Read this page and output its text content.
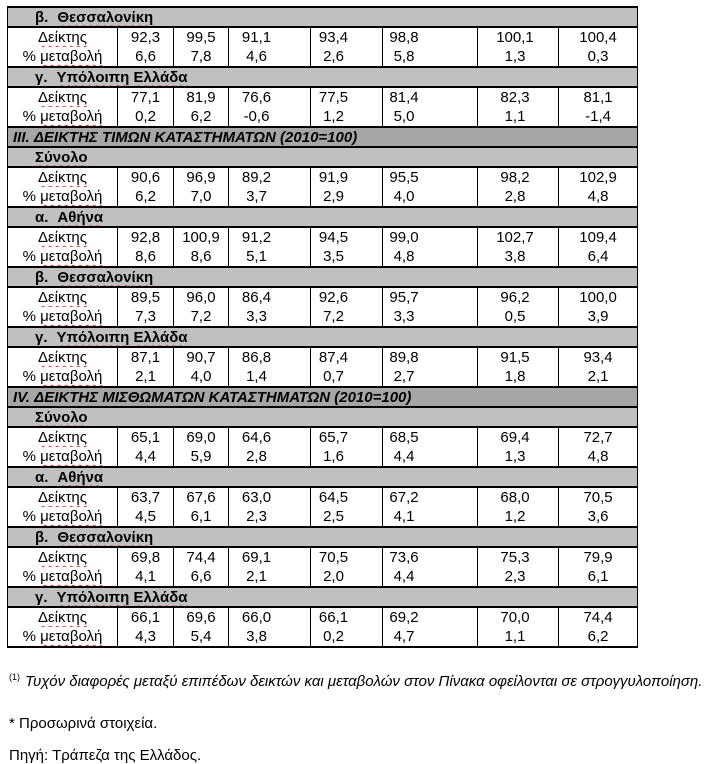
β. Θεσσαλονίκη							
Δείκτης	92,3	99,5	91,1	93,4	98,8	100,1	100,4
% μεταβολή	6,6	7,8	4,6	2,6	5,8	1,3	0,3
γ. Υπόλοιπη Ελλάδα							
Δείκτης	77,1	81,9	76,6	77,5	81,4	82,3	81,1
% μεταβολή	0,2	6,2	-0,6	1,2	5,0	1,1	-1,4
III. ΔΕΙΚΤΗΣ ΤΙΜΩΝ ΚΑΤΑΣΤΗΜΑΤΩΝ (2010=100)							
Σύνολο							
Δείκτης	90,6	96,9	89,2	91,9	95,5	98,2	102,9
% μεταβολή	6,2	7,0	3,7	2,9	4,0	2,8	4,8
α. Αθήνα							
Δείκτης	92,8	100,9	91,2	94,5	99,0	102,7	109,4
% μεταβολή	8,6	8,6	5,1	3,5	4,8	3,8	6,4
β. Θεσσαλονίκη							
Δείκτης	89,5	96,0	86,4	92,6	95,7	96,2	100,0
% μεταβολή	7,3	7,2	3,3	7,2	3,3	0,5	3,9
γ. Υπόλοιπη Ελλάδα							
Δείκτης	87,1	90,7	86,8	87,4	89,8	91,5	93,4
% μεταβολή	2,1	4,0	1,4	0,7	2,7	1,8	2,1
IV. ΔΕΙΚΤΗΣ ΜΙΣΘΩΜΑΤΩΝ ΚΑΤΑΣΤΗΜΑΤΩΝ (2010=100)							
Σύνολο							
Δείκτης	65,1	69,0	64,6	65,7	68,5	69,4	72,7
% μεταβολή	4,4	5,9	2,8	1,6	4,4	1,3	4,8
α. Αθήνα							
Δείκτης	63,7	67,6	63,0	64,5	67,2	68,0	70,5
% μεταβολή	4,5	6,1	2,3	2,5	4,1	1,2	3,6
β. Θεσσαλονίκη							
Δείκτης	69,8	74,4	69,1	70,5	73,6	75,3	79,9
% μεταβολή	4,1	6,6	2,1	2,0	4,4	2,3	6,1
γ. Υπόλοιπη Ελλάδα							
Δείκτης	66,1	69,6	66,0	66,1	69,2	70,0	74,4
% μεταβολή	4,3	5,4	3,8	0,2	4,7	1,1	6,2

$^{(1)}$ Τυχόν διαφορές μεταξύ επιπέδων δεικτών και μεταβολών στον Πίνακα οφείλονται σε στρογγυλοποίηση.

* Προσωρινά στοιχεία.

Πηγή: Τράπεζα της Ελλάδος.
